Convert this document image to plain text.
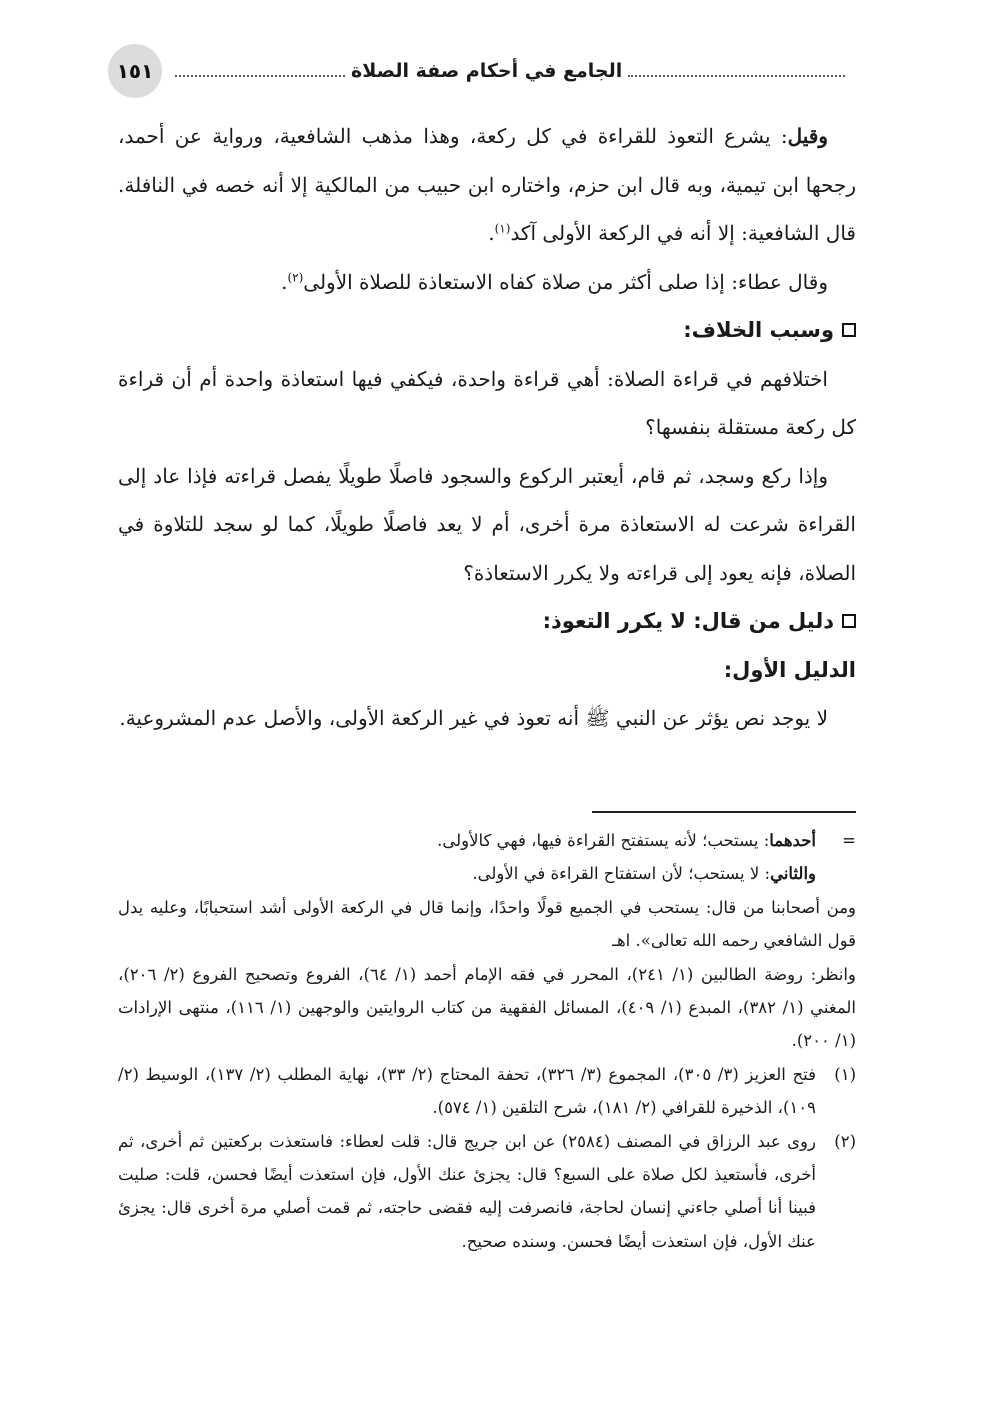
١٥١	الجامع في أحكام صفة الصلاة

وقيل: يشرع التعوذ للقراءة في كل ركعة، وهذا مذهب الشافعية، ورواية عن أحمد، رجحها ابن تيمية، وبه قال ابن حزم، واختاره ابن حبيب من المالكية إلا أنه خصه في النافلة. قال الشافعية: إلا أنه في الركعة الأولى آكد$^{(١)}$.

وقال عطاء: إذا صلى أكثر من صلاة كفاه الاستعاذة للصلاة الأولى$^{(٢)}$.

وسبب الخلاف:

اختلافهم في قراءة الصلاة: أهي قراءة واحدة، فيكفي فيها استعاذة واحدة أم أن قراءة كل ركعة مستقلة بنفسها؟

وإذا ركع وسجد، ثم قام، أيعتبر الركوع والسجود فاصلًا طويلًا يفصل قراءته فإذا عاد إلى القراءة شرعت له الاستعاذة مرة أخرى، أم لا يعد فاصلًا طويلًا، كما لو سجد للتلاوة في الصلاة، فإنه يعود إلى قراءته ولا يكرر الاستعاذة؟

دليل من قال: لا يكرر التعوذ:

الدليل الأول:

لا يوجد نص يؤثر عن النبي ﷺ أنه تعوذ في غير الركعة الأولى، والأصل عدم المشروعية.

=

أحدهما: يستحب؛ لأنه يستفتح القراءة فيها، فهي كالأولى.

والثاني: لا يستحب؛ لأن استفتاح القراءة في الأولى.

ومن أصحابنا من قال: يستحب في الجميع قولًا واحدًا، وإنما قال في الركعة الأولى أشد استحبابًا، وعليه يدل قول الشافعي رحمه الله تعالى». اهـ

وانظر: روضة الطالبين (١/ ٢٤١)، المحرر في فقه الإمام أحمد (١/ ٦٤)، الفروع وتصحيح الفروع (٢/ ٢٠٦)، المغني (١/ ٣٨٢)، المبدع (١/ ٤٠٩)، المسائل الفقهية من كتاب الروايتين والوجهين (١/ ١١٦)، منتهى الإرادات (١/ ٢٠٠).

(١)
فتح العزيز (٣/ ٣٠٥)، المجموع (٣/ ٣٢٦)، تحفة المحتاج (٢/ ٣٣)، نهاية المطلب (٢/ ١٣٧)، الوسيط (٢/ ١٠٩)، الذخيرة للقرافي (٢/ ١٨١)، شرح التلقين (١/ ٥٧٤).
(٢)
روى عبد الرزاق في المصنف (٢٥٨٤) عن ابن جريج قال: قلت لعطاء: فاستعذت بركعتين ثم أخرى، ثم أخرى، فأستعيذ لكل صلاة على السبع؟ قال: يجزئ عنك الأول، فإن استعذت أيضًا فحسن، قلت: صليت فبينا أنا أصلي جاءني إنسان لحاجة، فانصرفت إليه فقضى حاجته، ثم قمت أصلي مرة أخرى قال: يجزئ عنك الأول، فإن استعذت أيضًا فحسن. وسنده صحيح.
